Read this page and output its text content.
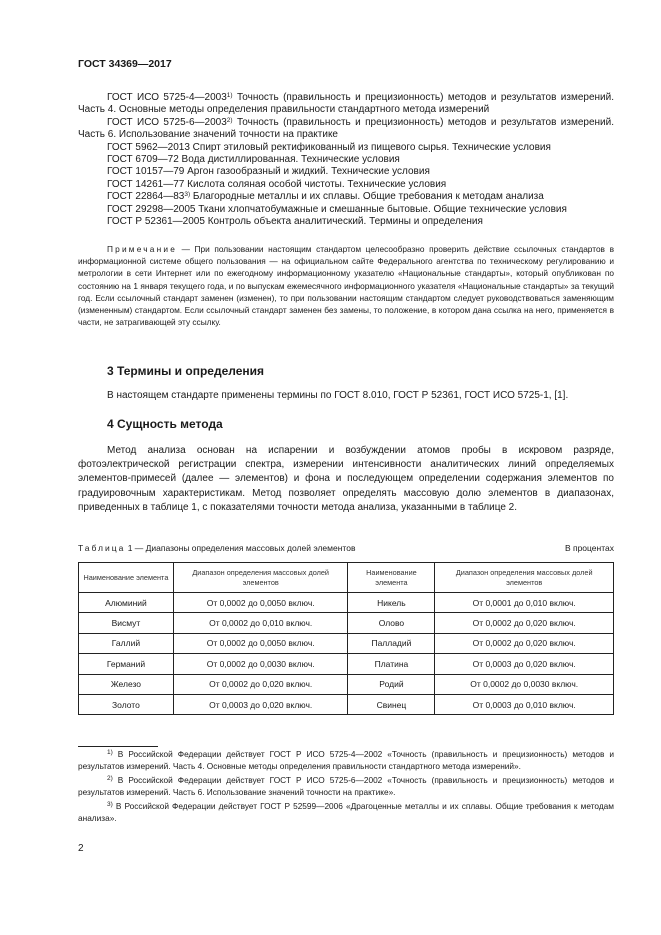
ГОСТ 34369—2017
ГОСТ ИСО 5725-4—2003$^{1)}$ Точность (правильность и прецизионность) методов и результатов измерений. Часть 4. Основные методы определения правильности стандартного метода измерений
ГОСТ ИСО 5725-6—2003$^{2)}$ Точность (правильность и прецизионность) методов и результатов измерений. Часть 6. Использование значений точности на практике
ГОСТ 5962—2013 Спирт этиловый ректификованный из пищевого сырья. Технические условия
ГОСТ 6709—72 Вода дистиллированная. Технические условия
ГОСТ 10157—79 Аргон газообразный и жидкий. Технические условия
ГОСТ 14261—77 Кислота соляная особой чистоты. Технические условия
ГОСТ 22864—83$^{3)}$ Благородные металлы и их сплавы. Общие требования к методам анализа
ГОСТ 29298—2005 Ткани хлопчатобумажные и смешанные бытовые. Общие технические условия
ГОСТ Р 52361—2005 Контроль объекта аналитический. Термины и определения
Примечание — При пользовании настоящим стандартом целесообразно проверить действие ссылочных стандартов в информационной системе общего пользования — на официальном сайте Федерального агентства по техническому регулированию и метрологии в сети Интернет или по ежегодному информационному указателю «Национальные стандарты», который опубликован по состоянию на 1 января текущего года, и по выпускам ежемесячного информационного указателя «Национальные стандарты» за текущий год. Если ссылочный стандарт заменен (изменен), то при пользовании настоящим стандартом следует руководствоваться заменяющим (измененным) стандартом. Если ссылочный стандарт заменен без замены, то положение, в котором дана ссылка на него, применяется в части, не затрагивающей эту ссылку.
3 Термины и определения
В настоящем стандарте применены термины по ГОСТ 8.010, ГОСТ Р 52361, ГОСТ ИСО 5725-1, [1].
4 Сущность метода
Метод анализа основан на испарении и возбуждении атомов пробы в искровом разряде, фотоэлектрической регистрации спектра, измерении интенсивности аналитических линий определяемых элементов-примесей (далее — элементов) и фона и последующем определении содержания элементов по градуировочным характеристикам. Метод позволяет определять массовую долю элементов в диапазонах, приведенных в таблице 1, с показателями точности метода анализа, указанными в таблице 2.
Таблица 1 — Диапазоны определения массовых долей элементов	В процентах
Наименование элемента	Диапазон определения массовых долей элементов	Наименование элемента	Диапазон определения массовых долей элементов
Алюминий	От 0,0002 до 0,0050 включ.	Никель	От 0,0001 до 0,010 включ.
Висмут	От 0,0002 до 0,010 включ.	Олово	От 0,0002 до 0,020 включ.
Галлий	От 0,0002 до 0,0050 включ.	Палладий	От 0,0002 до 0,020 включ.
Германий	От 0,0002 до 0,0030 включ.	Платина	От 0,0003 до 0,020 включ.
Железо	От 0,0002 до 0,020 включ.	Родий	От 0,0002 до 0,0030 включ.
Золото	От 0,0003 до 0,020 включ.	Свинец	От 0,0003 до 0,010 включ.
$^{1)}$ В Российской Федерации действует ГОСТ Р ИСО 5725-4—2002 «Точность (правильность и прецизионность) методов и результатов измерений. Часть 4. Основные методы определения правильности стандартного метода измерений».
$^{2)}$ В Российской Федерации действует ГОСТ Р ИСО 5725-6—2002 «Точность (правильность и прецизионность) методов и результатов измерений. Часть 6. Использование значений точности на практике».
$^{3)}$ В Российской Федерации действует ГОСТ Р 52599—2006 «Драгоценные металлы и их сплавы. Общие требования к методам анализа».
2
